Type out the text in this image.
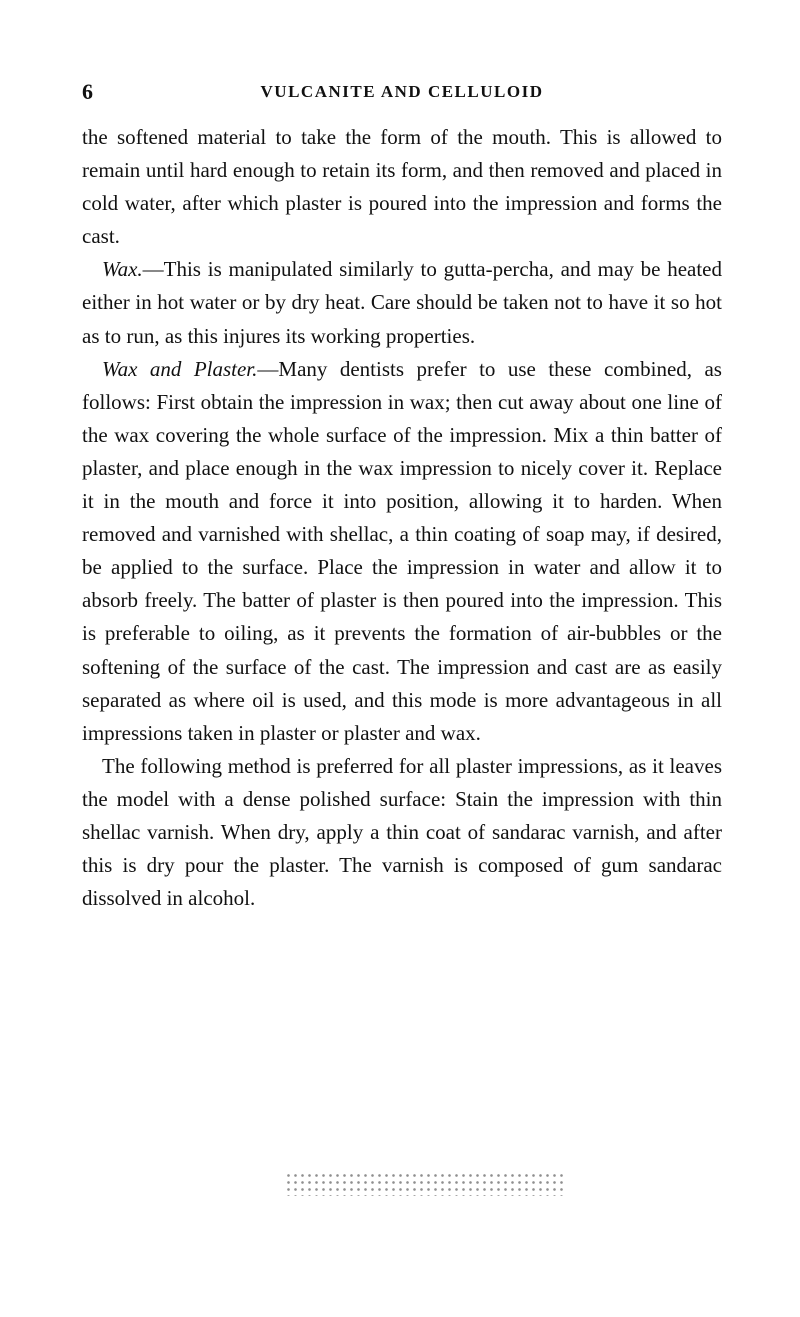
6	VULCANITE AND CELLULOID

the softened material to take the form of the mouth. This is allowed to remain until hard enough to retain its form, and then removed and placed in cold water, after which plaster is poured into the impression and forms the cast.

Wax.—This is manipulated similarly to gutta-percha, and may be heated either in hot water or by dry heat. Care should be taken not to have it so hot as to run, as this injures its working properties.

Wax and Plaster.—Many dentists prefer to use these combined, as follows: First obtain the impression in wax; then cut away about one line of the wax covering the whole surface of the impression. Mix a thin batter of plaster, and place enough in the wax impression to nicely cover it. Replace it in the mouth and force it into position, allowing it to harden. When removed and varnished with shellac, a thin coating of soap may, if desired, be applied to the surface. Place the impression in water and allow it to absorb freely. The batter of plaster is then poured into the impression. This is preferable to oiling, as it prevents the formation of air-bubbles or the softening of the surface of the cast. The impression and cast are as easily separated as where oil is used, and this mode is more advantageous in all impressions taken in plaster or plaster and wax.

The following method is preferred for all plaster impressions, as it leaves the model with a dense polished surface: Stain the impression with thin shellac varnish. When dry, apply a thin coat of sandarac varnish, and after this is dry pour the plaster. The varnish is composed of gum sandarac dissolved in alcohol.
